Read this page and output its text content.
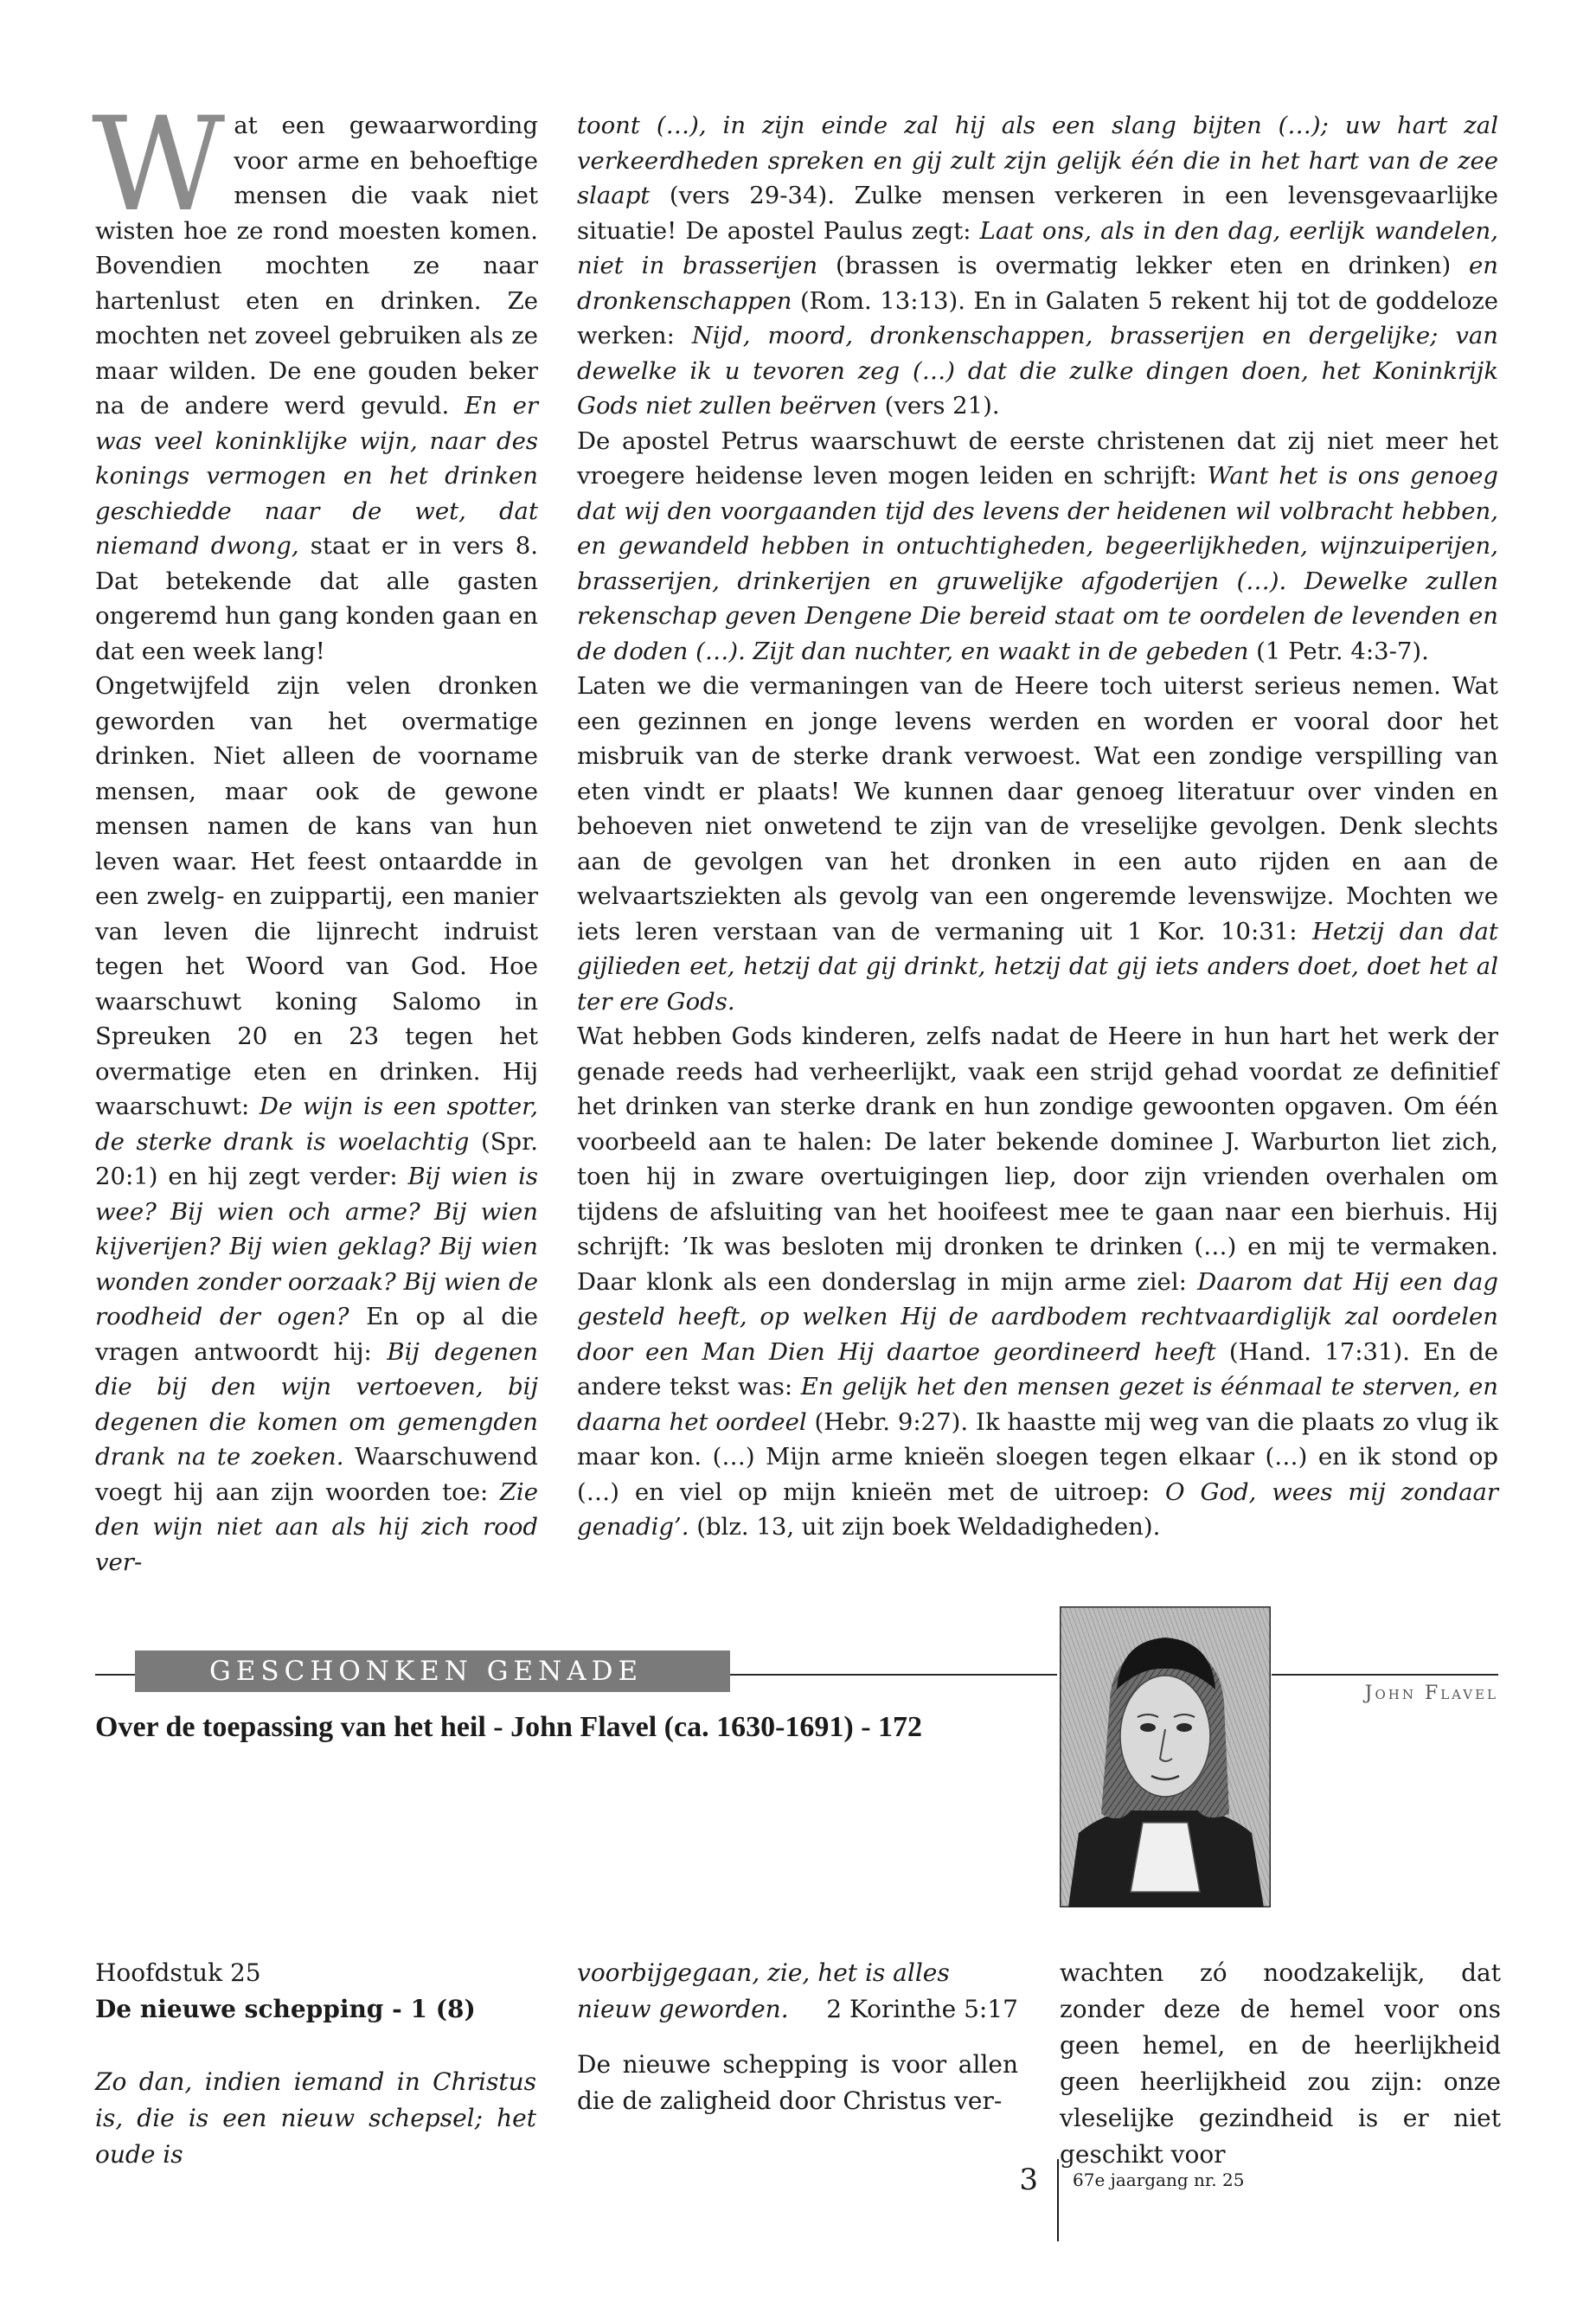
W at een gewaarwording voor arme en behoeftige mensen die vaak niet wisten hoe ze rond moesten komen. Bovendien mochten ze naar hartenlust eten en drinken. Ze mochten net zoveel gebruiken als ze maar wilden. De ene gouden beker na de andere werd gevuld. En er was veel koninklijke wijn, naar des konings vermogen en het drinken geschiedde naar de wet, dat niemand dwong, staat er in vers 8. Dat betekende dat alle gasten ongeremd hun gang konden gaan en dat een week lang!
Ongetwijfeld zijn velen dronken geworden van het overmatige drinken. Niet alleen de voorname mensen, maar ook de gewone mensen namen de kans van hun leven waar. Het feest ontaardde in een zwelg- en zuippartij, een manier van leven die lijnrecht indruist tegen het Woord van God. Hoe waarschuwt koning Salomo in Spreuken 20 en 23 tegen het overmatige eten en drinken. Hij waarschuwt: De wijn is een spotter, de sterke drank is woelachtig (Spr. 20:1) en hij zegt verder: Bij wien is wee? Bij wien och arme? Bij wien kijverijen? Bij wien geklag? Bij wien wonden zonder oorzaak? Bij wien de roodheid der ogen? En op al die vragen antwoordt hij: Bij degenen die bij den wijn vertoeven, bij degenen die komen om gemengden drank na te zoeken. Waarschuwend voegt hij aan zijn woorden toe: Zie den wijn niet aan als hij zich rood ver-
toont (…), in zijn einde zal hij als een slang bijten (…); uw hart zal verkeerdheden spreken en gij zult zijn gelijk één die in het hart van de zee slaapt (vers 29-34). Zulke mensen verkeren in een levensgevaarlijke situatie! De apostel Paulus zegt: Laat ons, als in den dag, eerlijk wandelen, niet in brasserijen (brassen is overmatig lekker eten en drinken) en dronkenschappen (Rom. 13:13). En in Galaten 5 rekent hij tot de goddeloze werken: Nijd, moord, dronkenschappen, brasserijen en dergelijke; van dewelke ik u tevoren zeg (…) dat die zulke dingen doen, het Koninkrijk Gods niet zullen beërven (vers 21).
De apostel Petrus waarschuwt de eerste christenen dat zij niet meer het vroegere heidense leven mogen leiden en schrijft: Want het is ons genoeg dat wij den voorgaanden tijd des levens der heidenen wil volbracht hebben, en gewandeld hebben in ontuchtigheden, begeerlijkheden, wijnzuiperijen, brasserijen, drinkerijen en gruwelijke afgoderijen (…). Dewelke zullen rekenschap geven Dengene Die bereid staat om te oordelen de levenden en de doden (…). Zijt dan nuchter, en waakt in de gebeden (1 Petr. 4:3-7).
Laten we die vermaningen van de Heere toch uiterst serieus nemen. Wat een gezinnen en jonge levens werden en worden er vooral door het misbruik van de sterke drank verwoest. Wat een zondige verspilling van eten vindt er plaats! We kunnen daar genoeg literatuur over vinden en behoeven niet onwetend te zijn van de vreselijke gevolgen. Denk slechts aan de gevolgen van het dronken in een auto rijden en aan de welvaartsziekten als gevolg van een ongeremde levenswijze. Mochten we iets leren verstaan van de vermaning uit 1 Kor. 10:31: Hetzij dan dat gijlieden eet, hetzij dat gij drinkt, hetzij dat gij iets anders doet, doet het al ter ere Gods.
Wat hebben Gods kinderen, zelfs nadat de Heere in hun hart het werk der genade reeds had verheerlijkt, vaak een strijd gehad voordat ze definitief het drinken van sterke drank en hun zondige gewoonten opgaven. Om één voorbeeld aan te halen: De later bekende dominee J. Warburton liet zich, toen hij in zware overtuigingen liep, door zijn vrienden overhalen om tijdens de afsluiting van het hooifeest mee te gaan naar een bierhuis. Hij schrijft: ’Ik was besloten mij dronken te drinken (…) en mij te vermaken. Daar klonk als een donderslag in mijn arme ziel: Daarom dat Hij een dag gesteld heeft, op welken Hij de aardbodem rechtvaardiglijk zal oordelen door een Man Dien Hij daartoe geordineerd heeft (Hand. 17:31). En de andere tekst was: En gelijk het den mensen gezet is éénmaal te sterven, en daarna het oordeel (Hebr. 9:27). Ik haastte mij weg van die plaats zo vlug ik maar kon. (…) Mijn arme knieën sloegen tegen elkaar (…) en ik stond op (…) en viel op mijn knieën met de uitroep: O God, wees mij zondaar genadig’. (blz. 13, uit zijn boek Weldadigheden).
GESCHONKEN GENADE
John Flavel
Over de toepassing van het heil - John Flavel (ca. 1630-1691) - 172

Hoofdstuk 25

De nieuwe schepping - 1 (8)

Zo dan, indien iemand in Christus is, die is een nieuw schepsel; het oude is

voorbijgegaan, zie, het is alles nieuw geworden.	2 Korinthe 5:17

De nieuwe schepping is voor allen die de zaligheid door Christus ver-

wachten zó noodzakelijk, dat zonder deze de hemel voor ons geen hemel, en de heerlijkheid geen heerlijkheid zou zijn: onze vleselijke gezindheid is er niet geschikt voor

3 67e jaargang nr. 25
